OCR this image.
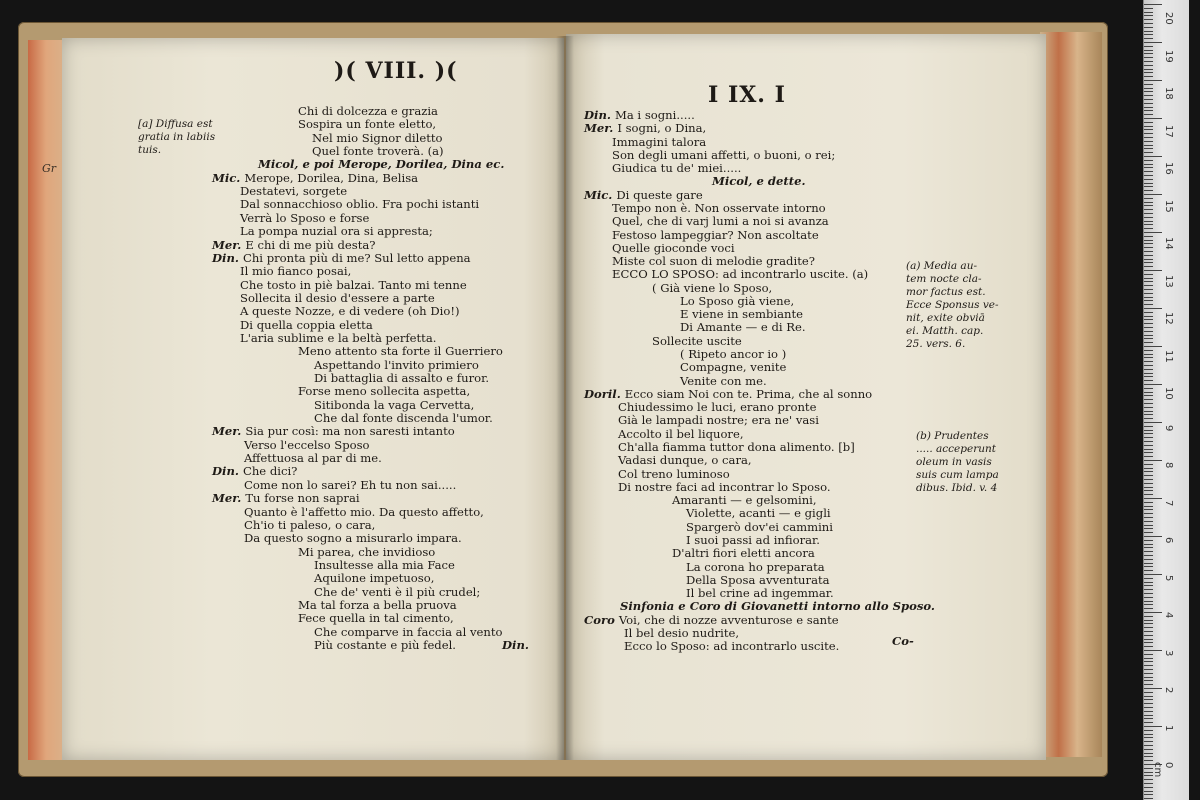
)( VIII. )(
[a] Diffusa est
gratia in labiis
tuis.
Gr
Chi di dolcezza e grazia
Sospira un fonte eletto,
Nel mio Signor diletto
Quel fonte troverà. (a)
Micol, e poi Merope, Dorilea, Dina ec.
Mic. Merope, Dorilea, Dina, Belisa
Destatevi, sorgete
Dal sonnacchioso oblio. Fra pochi istanti
Verrà lo Sposo e forse
La pompa nuzial ora si appresta;
Mer. E chi di me più desta?
Din. Chi pronta più di me? Sul letto appena
Il mio fianco posai,
Che tosto in piè balzai. Tanto mi tenne
Sollecita il desio d'essere a parte
A queste Nozze, e di vedere (oh Dio!)
Di quella coppia eletta
L'aria sublime e la beltà perfetta.
Meno attento sta forte il Guerriero
Aspettando l'invito primiero
Di battaglia di assalto e furor.
Forse meno sollecita aspetta,
Sitibonda la vaga Cervetta,
Che dal fonte discenda l'umor.
Mer. Sia pur così: ma non saresti intanto
Verso l'eccelso Sposo
Affettuosa al par di me.
Din. Che dici?
Come non lo sarei? Eh tu non sai.....
Mer. Tu forse non saprai
Quanto è l'affetto mio. Da questo affetto,
Ch'io ti paleso, o cara,
Da questo sogno a misurarlo impara.
Mi parea, che invidioso
Insultesse alla mia Face
Aquilone impetuoso,
Che de' venti è il più crudel;
Ma tal forza a bella pruova
Fece quella in tal cimento,
Che comparve in faccia al vento
Più costante e più fedel.	Din.
I IX. I
Din. Ma i sogni.....
Mer. I sogni, o Dina,
Immagini talora
Son degli umani affetti, o buoni, o rei;
Giudica tu de' miei.....
Micol, e dette.
Mic. Di queste gare
Tempo non è. Non osservate intorno
Quel, che di varj lumi a noi si avanza
Festoso lampeggiar? Non ascoltate
Quelle gioconde voci
Miste col suon di melodie gradite?
ECCO LO SPOSO: ad incontrarlo uscite. (a)
( Già viene lo Sposo,
Lo Sposo già viene,
E viene in sembiante
Di Amante — e di Re.
Sollecite uscite
( Ripeto ancor io )
Compagne, venite
Venite con me.
Doril. Ecco siam Noi con te. Prima, che al sonno
Chiudessimo le luci, erano pronte
Già le lampadi nostre; era ne' vasi
Accolto il bel liquore,
Ch'alla fiamma tuttor dona alimento. [b]
Vadasi dunque, o cara,
Col treno luminoso
Di nostre faci ad incontrar lo Sposo.
Amaranti — e gelsomini,
Violette, acanti — e gigli
Spargerò dov'ei cammini
I suoi passi ad infiorar.
D'altri fiori eletti ancora
La corona ho preparata
Della Sposa avventurata
Il bel crine ad ingemmar.
Sinfonia e Coro di Giovanetti intorno allo Sposo.
Coro Voi, che di nozze avventurose e sante
Il bel desio nudrite,
Ecco lo Sposo: ad incontrarlo uscite.
(a) Media au-
tem nocte cla-
mor factus est.
Ecce Sponsus ve-
nit, exite obviā
ei. Matth. cap.
25. vers. 6.
(b) Prudentes
..... acceperunt
oleum in vasis
suis cum lampa
dibus. Ibid. v. 4
Co-
20
19
18
17
16
15
14
13
12
11
10
9
8
7
6
5
4
3
2
1
0 cm
